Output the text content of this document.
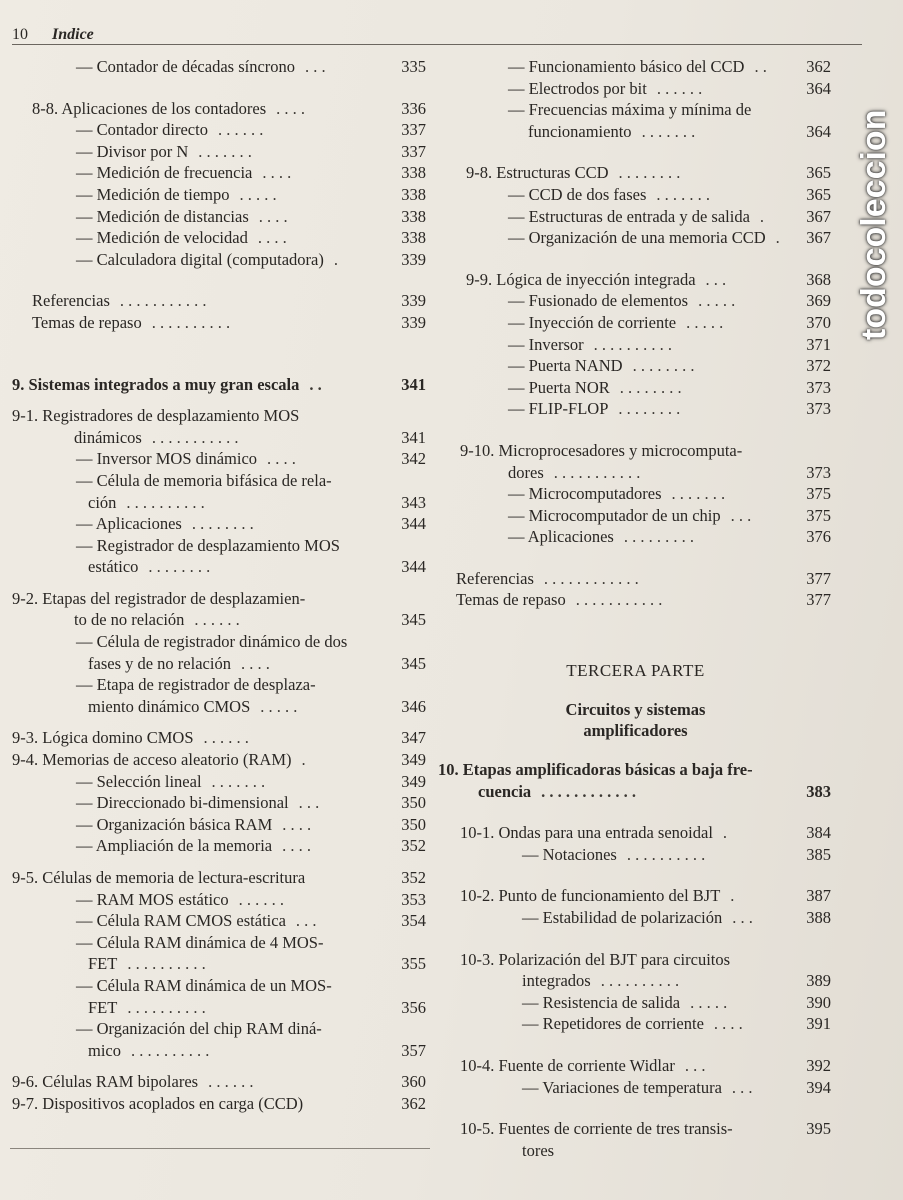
10 Indice
— Contador de décadas síncrono . . .	335
8-8. Aplicaciones de los contadores . . . .	336
— Contador directo . . . . . .	337
— Divisor por N . . . . . . .	337
— Medición de frecuencia . . . .	338
— Medición de tiempo . . . . .	338
— Medición de distancias . . . .	338
— Medición de velocidad . . . .	338
— Calculadora digital (computadora) .	339
Referencias . . . . . . . . . . .	339
Temas de repaso . . . . . . . . . .	339
9. Sistemas integrados a muy gran escala . .	341
9-1. Registradores de desplazamiento MOS
dinámicos . . . . . . . . . . .	341
— Inversor MOS dinámico . . . .	342
— Célula de memoria bifásica de rela-
ción . . . . . . . . . .	343
— Aplicaciones . . . . . . . .	344
— Registrador de desplazamiento MOS
estático . . . . . . . .	344
9-2. Etapas del registrador de desplazamien-
to de no relación . . . . . .	345
— Célula de registrador dinámico de dos
fases y de no relación . . . .	345
— Etapa de registrador de desplaza-
miento dinámico CMOS . . . . .	346
9-3. Lógica domino CMOS . . . . . .	347
9-4. Memorias de acceso aleatorio (RAM) .	349
— Selección lineal . . . . . . .	349
— Direccionado bi-dimensional . . .	350
— Organización básica RAM . . . .	350
— Ampliación de la memoria . . . .	352
9-5. Células de memoria de lectura-escritura	352
— RAM MOS estático . . . . . .	353
— Célula RAM CMOS estática . . .	354
— Célula RAM dinámica de 4 MOS-
FET . . . . . . . . . .	355
— Célula RAM dinámica de un MOS-
FET . . . . . . . . . .	356
— Organización del chip RAM diná-
mico . . . . . . . . . .	357
9-6. Células RAM bipolares . . . . . .	360
9-7. Dispositivos acoplados en carga (CCD)	362
— Funcionamiento básico del CCD . . 362
— Electrodos por bit . . . . . .	364
— Frecuencias máxima y mínima de
funcionamiento . . . . . . .	364
9-8. Estructuras CCD . . . . . . . .	365
— CCD de dos fases . . . . . . .	365
— Estructuras de entrada y de salida .	367
— Organización de una memoria CCD . 367
9-9. Lógica de inyección integrada . . .	368
— Fusionado de elementos . . . . .	369
— Inyección de corriente . . . . .	370
— Inversor . . . . . . . . . .	371
— Puerta NAND . . . . . . . .	372
— Puerta NOR . . . . . . . .	373
— FLIP-FLOP . . . . . . . .	373
9-10. Microprocesadores y microcomputa-
dores . . . . . . . . . . .	373
— Microcomputadores . . . . . . .	375
— Microcomputador de un chip . . .	375
— Aplicaciones . . . . . . . . .	376
Referencias . . . . . . . . . . . .	377
Temas de repaso . . . . . . . . . . .	377

TERCERA PARTE

Circuitos y sistemas

amplificadores

10. Etapas amplificadoras básicas a baja fre-
cuencia . . . . . . . . . . . .	383
10-1. Ondas para una entrada senoidal .	384
— Notaciones . . . . . . . . . .	385
10-2. Punto de funcionamiento del BJT .	387
— Estabilidad de polarización . . .	388
10-3. Polarización del BJT para circuitos
integrados . . . . . . . . . .	389
— Resistencia de salida . . . . .	390
— Repetidores de corriente . . . .	391
10-4. Fuente de corriente Widlar . . .	392
— Variaciones de temperatura . . .	394
10-5. Fuentes de corriente de tres transis-	395
tores
todocoleccion
